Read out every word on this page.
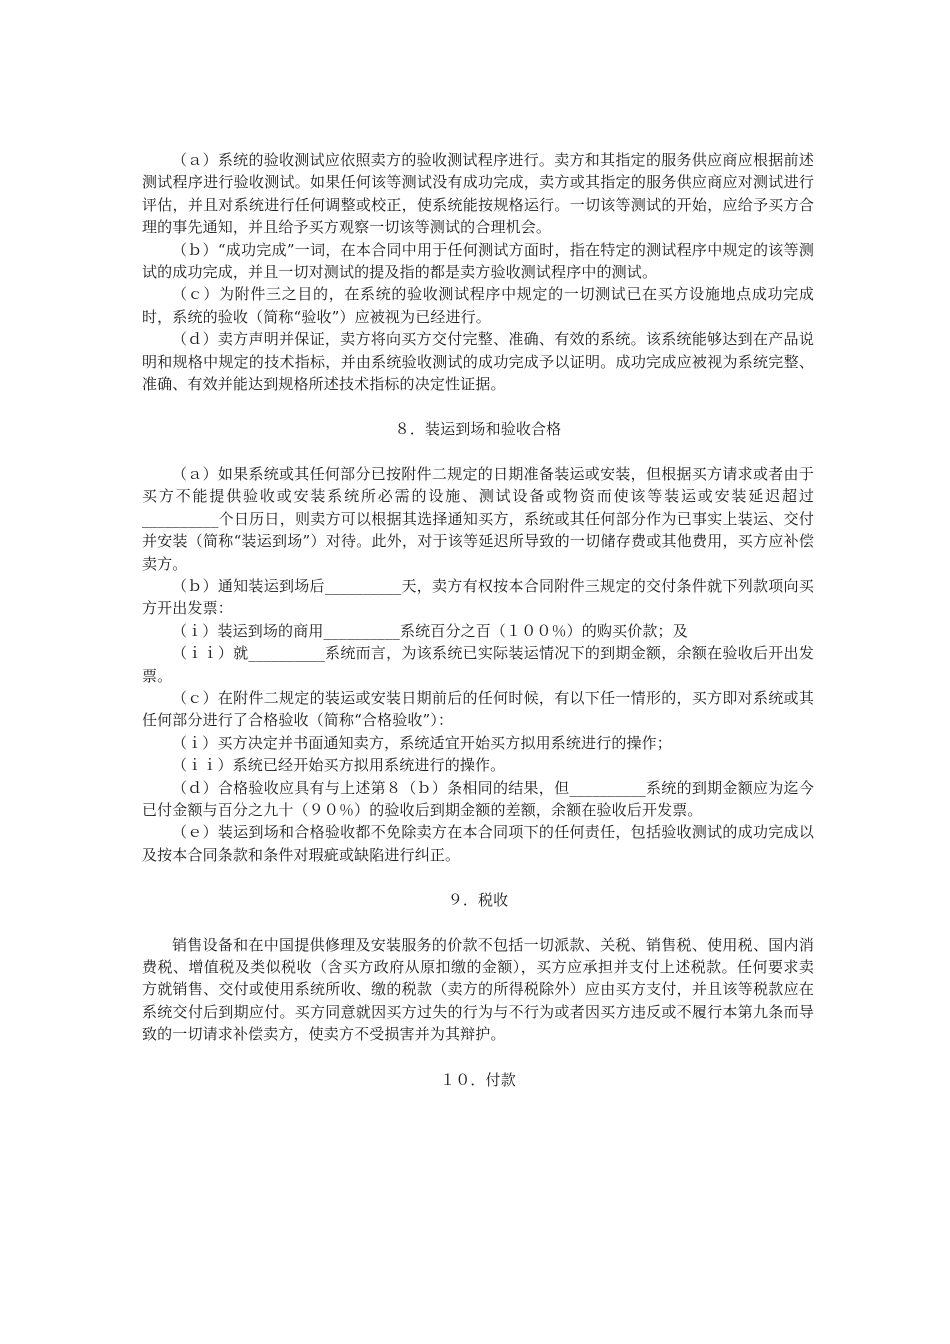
（ａ）系统的验收测试应依照卖方的验收测试程序进行。卖方和其指定的服务供应商应根据前述测试程序进行验收测试。如果任何该等测试没有成功完成，卖方或其指定的服务供应商应对测试进行评估，并且对系统进行任何调整或校正，使系统能按规格运行。一切该等测试的开始，应给予买方合理的事先通知，并且给予买方观察一切该等测试的合理机会。

（ｂ）“成功完成”一词，在本合同中用于任何测试方面时，指在特定的测试程序中规定的该等测试的成功完成，并且一切对测试的提及指的都是卖方验收测试程序中的测试。

（ｃ）为附件三之目的，在系统的验收测试程序中规定的一切测试已在买方设施地点成功完成时，系统的验收（简称“验收”）应被视为已经进行。

（ｄ）卖方声明并保证，卖方将向买方交付完整、准确、有效的系统。该系统能够达到在产品说明和规格中规定的技术指标，并由系统验收测试的成功完成予以证明。成功完成应被视为系统完整、准确、有效并能达到规格所述技术指标的决定性证据。

８．装运到场和验收合格

（ａ）如果系统或其任何部分已按附件二规定的日期准备装运或安装，但根据买方请求或者由于买方不能提供验收或安装系统所必需的设施、测试设备或物资而使该等装运或安装延迟超过__________个日历日，则卖方可以根据其选择通知买方，系统或其任何部分作为已事实上装运、交付并安装（简称“装运到场”）对待。此外，对于该等延迟所导致的一切储存费或其他费用，买方应补偿卖方。

（ｂ）通知装运到场后__________天，卖方有权按本合同附件三规定的交付条件就下列款项向买方开出发票：

（ｉ）装运到场的商用__________系统百分之百（１００％）的购买价款；及

（ｉｉ）就__________系统而言，为该系统已实际装运情况下的到期金额，余额在验收后开出发票。

（ｃ）在附件二规定的装运或安装日期前后的任何时候，有以下任一情形的，买方即对系统或其任何部分进行了合格验收（简称“合格验收”）：

（ｉ）买方决定并书面通知卖方，系统适宜开始买方拟用系统进行的操作；

（ｉｉ）系统已经开始买方拟用系统进行的操作。

（ｄ）合格验收应具有与上述第８（ｂ）条相同的结果，但__________系统的到期金额应为迄今已付金额与百分之九十（９０％）的验收后到期金额的差额，余额在验收后开发票。

（ｅ）装运到场和合格验收都不免除卖方在本合同项下的任何责任，包括验收测试的成功完成以及按本合同条款和条件对瑕疵或缺陷进行纠正。

９．税收

销售设备和在中国提供修理及安装服务的价款不包括一切派款、关税、销售税、使用税、国内消费税、增值税及类似税收（含买方政府从原扣缴的金额），买方应承担并支付上述税款。任何要求卖方就销售、交付或使用系统所收、缴的税款（卖方的所得税除外）应由买方支付，并且该等税款应在系统交付后到期应付。买方同意就因买方过失的行为与不行为或者因买方违反或不履行本第九条而导致的一切请求补偿卖方，使卖方不受损害并为其辩护。

１０．付款
